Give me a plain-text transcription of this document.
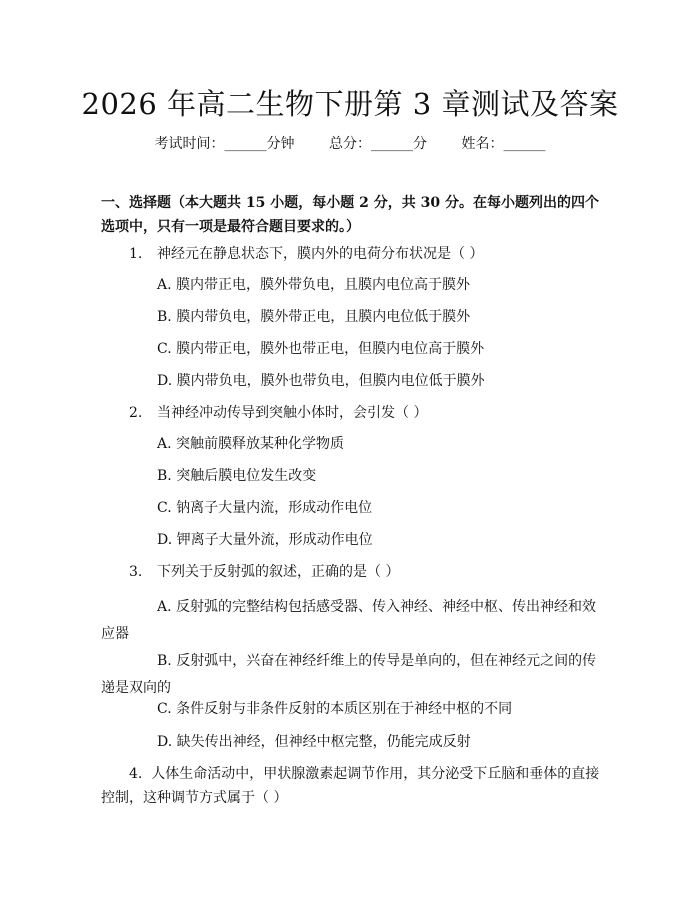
2026 年高二生物下册第 3 章测试及答案
考试时间：______分钟 总分：______分 姓名：______
一、选择题（本大题共 15 小题，每小题 2 分，共 30 分。在每小题列出的四个选项中，只有一项是最符合题目要求的。）
1. 神经元在静息状态下，膜内外的电荷分布状况是（ ）
A. 膜内带正电，膜外带负电，且膜内电位高于膜外
B. 膜内带负电，膜外带正电，且膜内电位低于膜外
C. 膜内带正电，膜外也带正电，但膜内电位高于膜外
D. 膜内带负电，膜外也带负电，但膜内电位低于膜外
2. 当神经冲动传导到突触小体时，会引发（ ）
A. 突触前膜释放某种化学物质
B. 突触后膜电位发生改变
C. 钠离子大量内流，形成动作电位
D. 钾离子大量外流，形成动作电位
3. 下列关于反射弧的叙述，正确的是（ ）
A. 反射弧的完整结构包括感受器、传入神经、神经中枢、传出神经和效应器
B. 反射弧中，兴奋在神经纤维上的传导是单向的，但在神经元之间的传递是双向的
C. 条件反射与非条件反射的本质区别在于神经中枢的不同
D. 缺失传出神经，但神经中枢完整，仍能完成反射
4. 人体生命活动中，甲状腺激素起调节作用，其分泌受下丘脑和垂体的直接控制，这种调节方式属于（ ）
